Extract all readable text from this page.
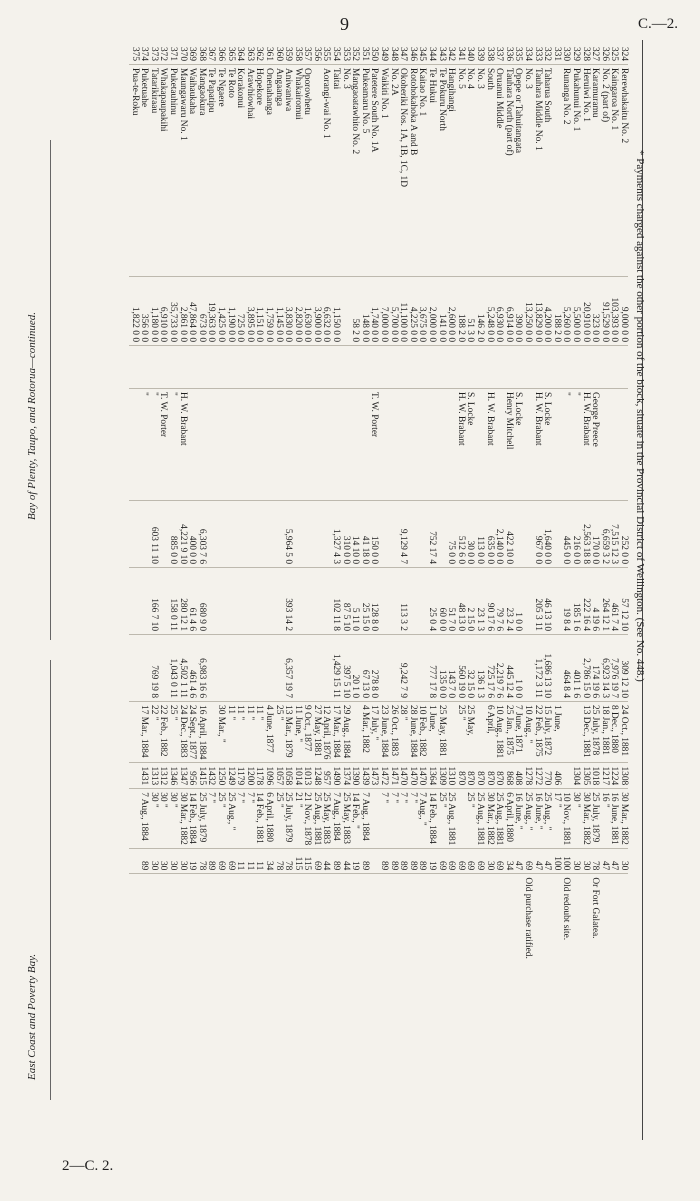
9	C.—2.
324	Rerewhakaitu No. 2	9,000 0 0			252 0 0	57 12 10	309 12 10	24 Oct., 1881	1308	30 Mar., 1882	30	
325	Kaingaroa No. 1	103,393 0 0			7,515 12 3	461 7 4	7,976 19 7	8 Dec., 1880	1224	16 June, 1881	47	
326	No. 2 (part of)	91,529 0 0			6,659 3 2	264 12 1	6,923 14 3	18 Jan., 1881	1217	16 "	47	
327	Karamuramu	323 0 0		George Preece	170 0 0	4 19 6	174 19 6	25 July, 1878	1018	25 July, 1879	78	Or Fort Galatea.
328	Heruiwi No. 1	20,910 0 0		H. W. Brabant	2,563 18 8	222 16 4	2,786 15 0	13 Dec., 1881	1305	30 Mar., 1882	30	
329	Pukahunui No. 1	5,500 0 0		"	216 0 0	185 1 6	401 1 6		1304	30 "	30	
330	Runanga No. 2	5,260 0 0		"	445 0 0	19 8 4	464 8 4			10 Nov., 1881	100	Old redoubt site.
331		188 2 0						1 June,	406	17 "	100	
332	Taharua South	4,200 0 0		S. Locke	1,640 0 0	46 13 10	1,686 13 10	15 July, 1872	770	25 Aug., "	47	
333	Tauhara Middle No. 1	13,829 0 0		H. W. Brabant	967 0 0	205 3 11	1,172 3 11	22 Feb., 1875	1272	16 June, "	47	
334	No. 3	13,250 0 0						10 Aug., "	1278	25 Aug., "	69	Old purchase ratified.
335	Opepe or Tahuitangata	390 0 0		S. Locke		1 0 0	1 0 0	7 June, 1871	408	16 June, "	47	
336	Tauhara North (part of)	6,914 0 0		Henry Mitchell	422 10 0	23 2 4	445 12 4	25 Jan., 1875	868	6 April, 1880	34	
337	Oruanui Middle	6,930 0 0			2,140 0 0	79 7 6	2,219 7 6	10 Aug., 1881	870	25 Aug., 1881	69	
338	South	5,248 0 0		H. W. Brabant	635 0 0	90 17 6	725 17 6	6 April,	870	30 Mar., 1882	30	
339	No. 3	146 2 0			113 0 0	23 1 3	136 1 3		870	25 Aug., 1881	69	
340	No. 4	51 3 0		S. Locke	30 0 0	2 15 0	32 15 0	25 May,	870	25 "	69	
341	No. 5	188 2 0		H. W. Brabant	512 6 0	48 13 0	560 19 0	25 "	870		69	
342	Hangihangi	2,600 0 0			75 0 0	51 7 0	143 7 0		1310	25 Aug., 1881	69	
343	Te Pokuru North	141 0 0				60 0 0	135 0 0	25 May, 1881	1309	25 "	69	
344	Te Hukui	2,000 0 0			752 17 4	25 0 4	777 17 8	1 June,	1364	14 Feb., 1884	19	
345	Kaitao No. 1	3,675 0 0						10 Feb., 1882	1470	7 Aug., "	89	
346	Rotohokahoka A and B	4,225 0 0						28 June, 1884	1470	7 "	89	
347	Okoheriki Nos. 1A, 1B, 1C, 1D	11,100 0 0			9,129 4 7	113 3 2	9,242 7 9	28 "	1470	7 "	89	
348	No. 2A	5,700 0 0						26 Oct., 1883	1471	7 "	89	
349	Waikiti No. 1	7,000 0 0						23 June, 1884	1472	7 "	89	
350	Patetere South No. 1A	1,740 0 0		T. W. Porter	150 0 0	128 8 0	278 8 0	17 July, "	1473			
351	Pukeamaru No. 5	148 0 0			41 18 0	25 15 0	67 13 0	4 Mar., 1882	1439	7 Aug., 1884	89	
352	Mangaoatawhito No. 2	58 2 0			14 10 0	5 11 0	20 1 0		1390	14 Feb., "	19	
353	No. 3				310 0 0	87 5 10	397 5 10	29 Aug., 1884	1374	25 May, 1883	44	
354	Taitai	1,150 0 0			1,327 4 3	102 11 8	1,429 15 11	17 Mar., 1884	1490	7 Aug., 1884	89	
355	Aorangi-wai No. 1	6,632 0 0						12 April, 1876	957	25 May, 1883	44	
356		3,900 0 0						27 May, 1881	1248	25 Aug., 1881	69	
357	Oporowhetu	1,630 0 0						9 Oct., 1877	1013	21 Nov., 1878	115	
358	Whakairomui	2,820 0 0						11 June, "	1014	21 "	115	
359	Aniwaniwa	3,830 0 0			5,964 5 0	393 14 2	6,357 19 7	13 Mar., 1879	1058	25 July, 1879	78	
360	Angaanga	1,145 0 0						25 "	1057	25 "	78	
361	Onenahanga	1,759 0 0						4 June, 1877	1096	6 April, 1880	34	
362	Hopekore	1,151 0 0						11 "	1178	14 Feb., 1881	11	
363	Arawhiowhai	3,895 0 0						11 "	1200	7 "	11	
364	Korakonui	725 0 0						11 "	1179	7 "	11	
365	Te Roto	1,190 0 0						11 "	1249	25 Aug., "	69	
366	Te Ngaere	1,425 0 0						30 Mar., "	1250	25 "	69	
367	Te Papatipu	19,363 0 0							1432	7 "	89	
368	Mangaokura	673 0 0			6,303 7 6	680 9 0	6,983 16 6	16 April, 1884	1415	25 July, 1879	78	
369	Waihaukaha	47,864 0 0			400 0 0	61 4 6	461 4 6	24 Sept., 1877	956	14 Feb., 1884	19	
370	Maungawaru No. 1	2,861 0 0		H. W. Brabant	4,221 9 10	280 12 1	4,502 1 11	24 Dec., 1883	1347	30 Mar., 1882	30	
371	Puketauhinu	35,733 0 0		"	885 0 0	158 0 11	1,043 0 11	25 "	1346	30 "	30	
372	Whakapaupakihi	6,910 0 0		T. W. Porter				22 Feb., 1882	1312	30 "	30	
373	Tatarikiraau	1,180 0 0		"	603 11 10	166 7 10	769 19 8	22 "	1313	30 "	30	
374	Puketuahe	356 0 0		"				17 Mar., 1884	1431	7 Aug., 1884	89	
375	Pua-te-Roku	1,822 0 0										
Bay of Plenty, Taupo, and Rotorua—continued.
East Coast and Poverty Bay.
* Payments charged against the other portion of the block, situate in the Provincial District of Wellington. (See No. 448.)
2—C. 2.
